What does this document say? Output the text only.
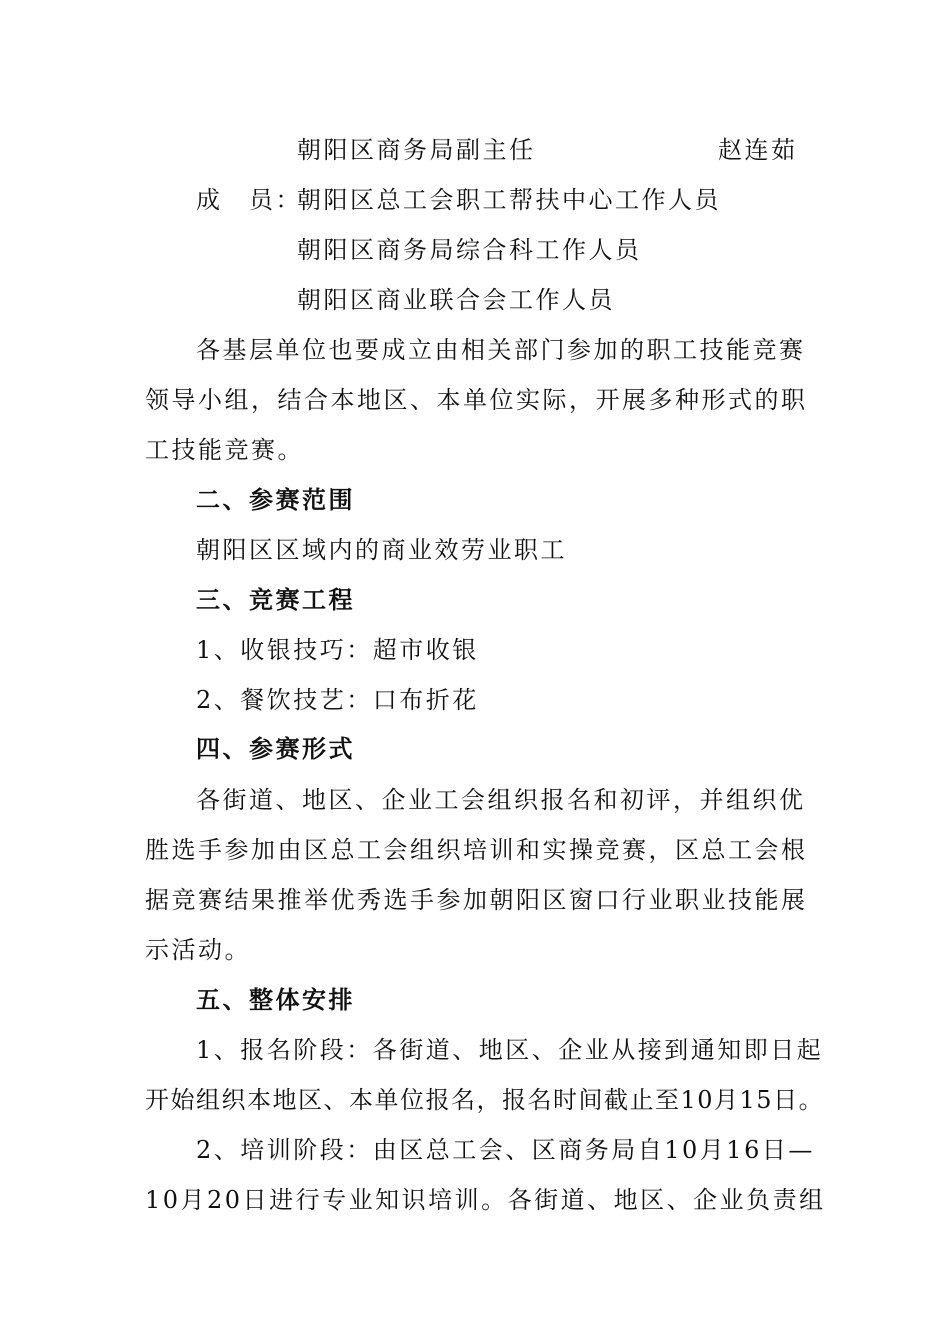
朝阳区商务局副主任	赵连茹
成　员：
朝阳区总工会职工帮扶中心工作人员
朝阳区商务局综合科工作人员
朝阳区商业联合会工作人员
各基层单位也要成立由相关部门参加的职工技能竞赛
领导小组，结合本地区、本单位实际，开展多种形式的职
工技能竞赛。
二、参赛范围
朝阳区区域内的商业效劳业职工
三、竞赛工程
1、收银技巧：超市收银
2、餐饮技艺：口布折花
四、参赛形式
各街道、地区、企业工会组织报名和初评，并组织优
胜选手参加由区总工会组织培训和实操竞赛，区总工会根
据竞赛结果推举优秀选手参加朝阳区窗口行业职业技能展
示活动。
五、整体安排
1、报名阶段：各街道、地区、企业从接到通知即日起
开始组织本地区、本单位报名，报名时间截止至10月15日。
2、培训阶段：由区总工会、区商务局自10月16日—
10月20日进行专业知识培训。各街道、地区、企业负责组
